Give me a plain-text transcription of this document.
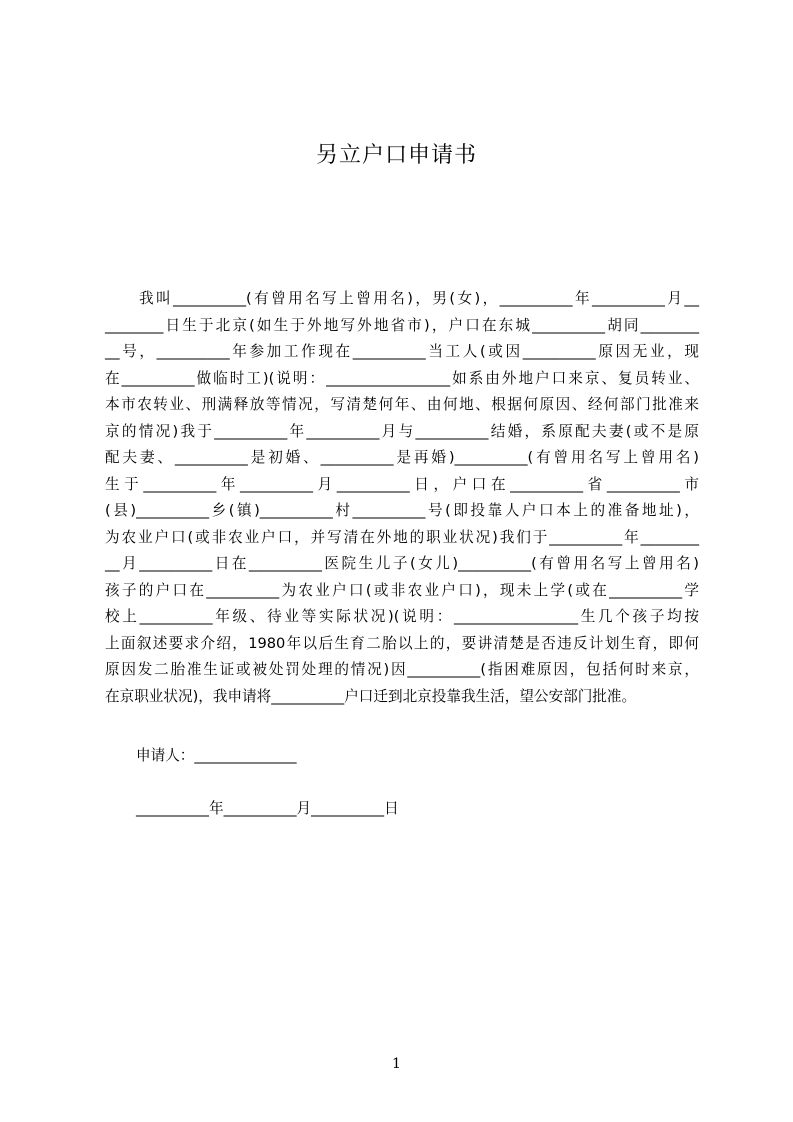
另立户口申请书
　　我叫__________(有曾用名写上曾用名)，男(女)，__________年__________月__
________日生于北京(如生于外地写外地省市)，户口在东城__________胡同________
__号，__________年参加工作现在__________当工人(或因__________原因无业，现
在__________做临时工)(说明：_________________如系由外地户口来京、复员转业、
本市农转业、刑满释放等情况，写清楚何年、由何地、根据何原因、经何部门批准来
京的情况)我于__________年__________月与__________结婚，系原配夫妻(或不是原
配夫妻、__________是初婚、__________是再婚)__________(有曾用名写上曾用名)
生于__________年__________月__________日，户口在__________省__________市
(县)__________乡(镇)__________村__________号(即投靠人户口本上的准备地址)，
为农业户口(或非农业户口，并写清在外地的职业状况)我们于__________年________
__月__________日在__________医院生儿子(女儿)__________(有曾用名写上曾用名)
孩子的户口在__________为农业户口(或非农业户口)，现未上学(或在__________学
校上__________年级、待业等实际状况)(说明：_________________生几个孩子均按
上面叙述要求介绍，1980年以后生育二胎以上的，要讲清楚是否违反计划生育，即何
原因发二胎准生证或被处罚处理的情况)因__________(指困难原因，包括何时来京，
在京职业状况)，我申请将__________户口迁到北京投靠我生活，望公安部门批准。
申请人：______________
__________年__________月__________日
1
